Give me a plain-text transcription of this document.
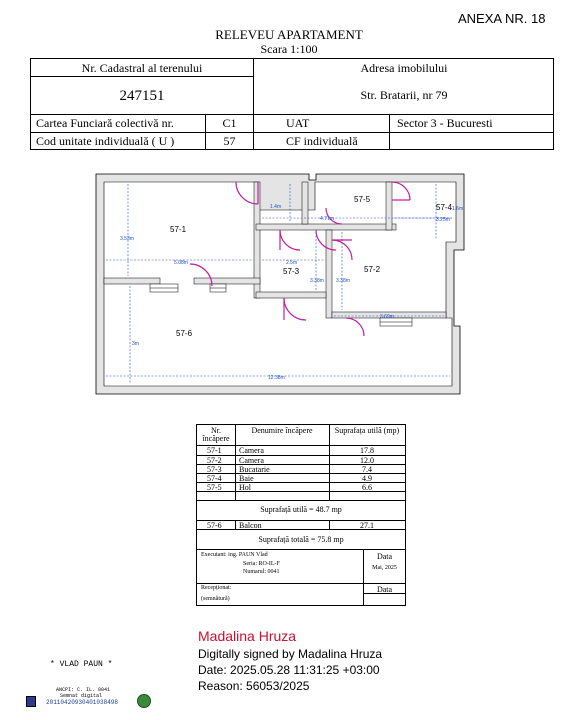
ANEXA NR. 18
RELEVEU APARTAMENT
Scara 1:100
Nr. Cadastral al terenului
247151
Adresa imobilului
Str. Bratarii, nr 79
Cartea Funciară colectivă nr.	C1	UAT	Sector 3 - Bucuresti
Cod unitate individuală ( U )	57	CF individuală
57-1
57-2
57-3
57-4
57-5
57-6
3.53m
5.08m
1.4m
4.71m	3.25m
1.6m
2.5m
3.38m 3.38m
3.69m
3m
12.38m
Nr. încăpere
Denumire încăpere	Suprafața utilă (mp)
57-1 Camera	17.8
57-2 Camera	12.0
57-3 Bucatarie	7.4
57-4 Baie	4.9
57-5 Hol	6.6
Suprafață utilă = 48.7 mp
57-6 Balcon	27.1
Suprafață totală = 75.8 mp
Executant: ing. PAUN Vlad
Seria: RO-IL-F
Numarul: 0041
Data
Mai, 2025
Recepționat:
(semnătură)
Data
Madalina Hruza
Digitally signed by Madalina Hruza
Date: 2025.05.28 11:31:25 +03:00
Reason: 56053/2025
* VLAD PAUN *
ANCPI: C. IL. 0041
Semnat digital
20110420930401038498
